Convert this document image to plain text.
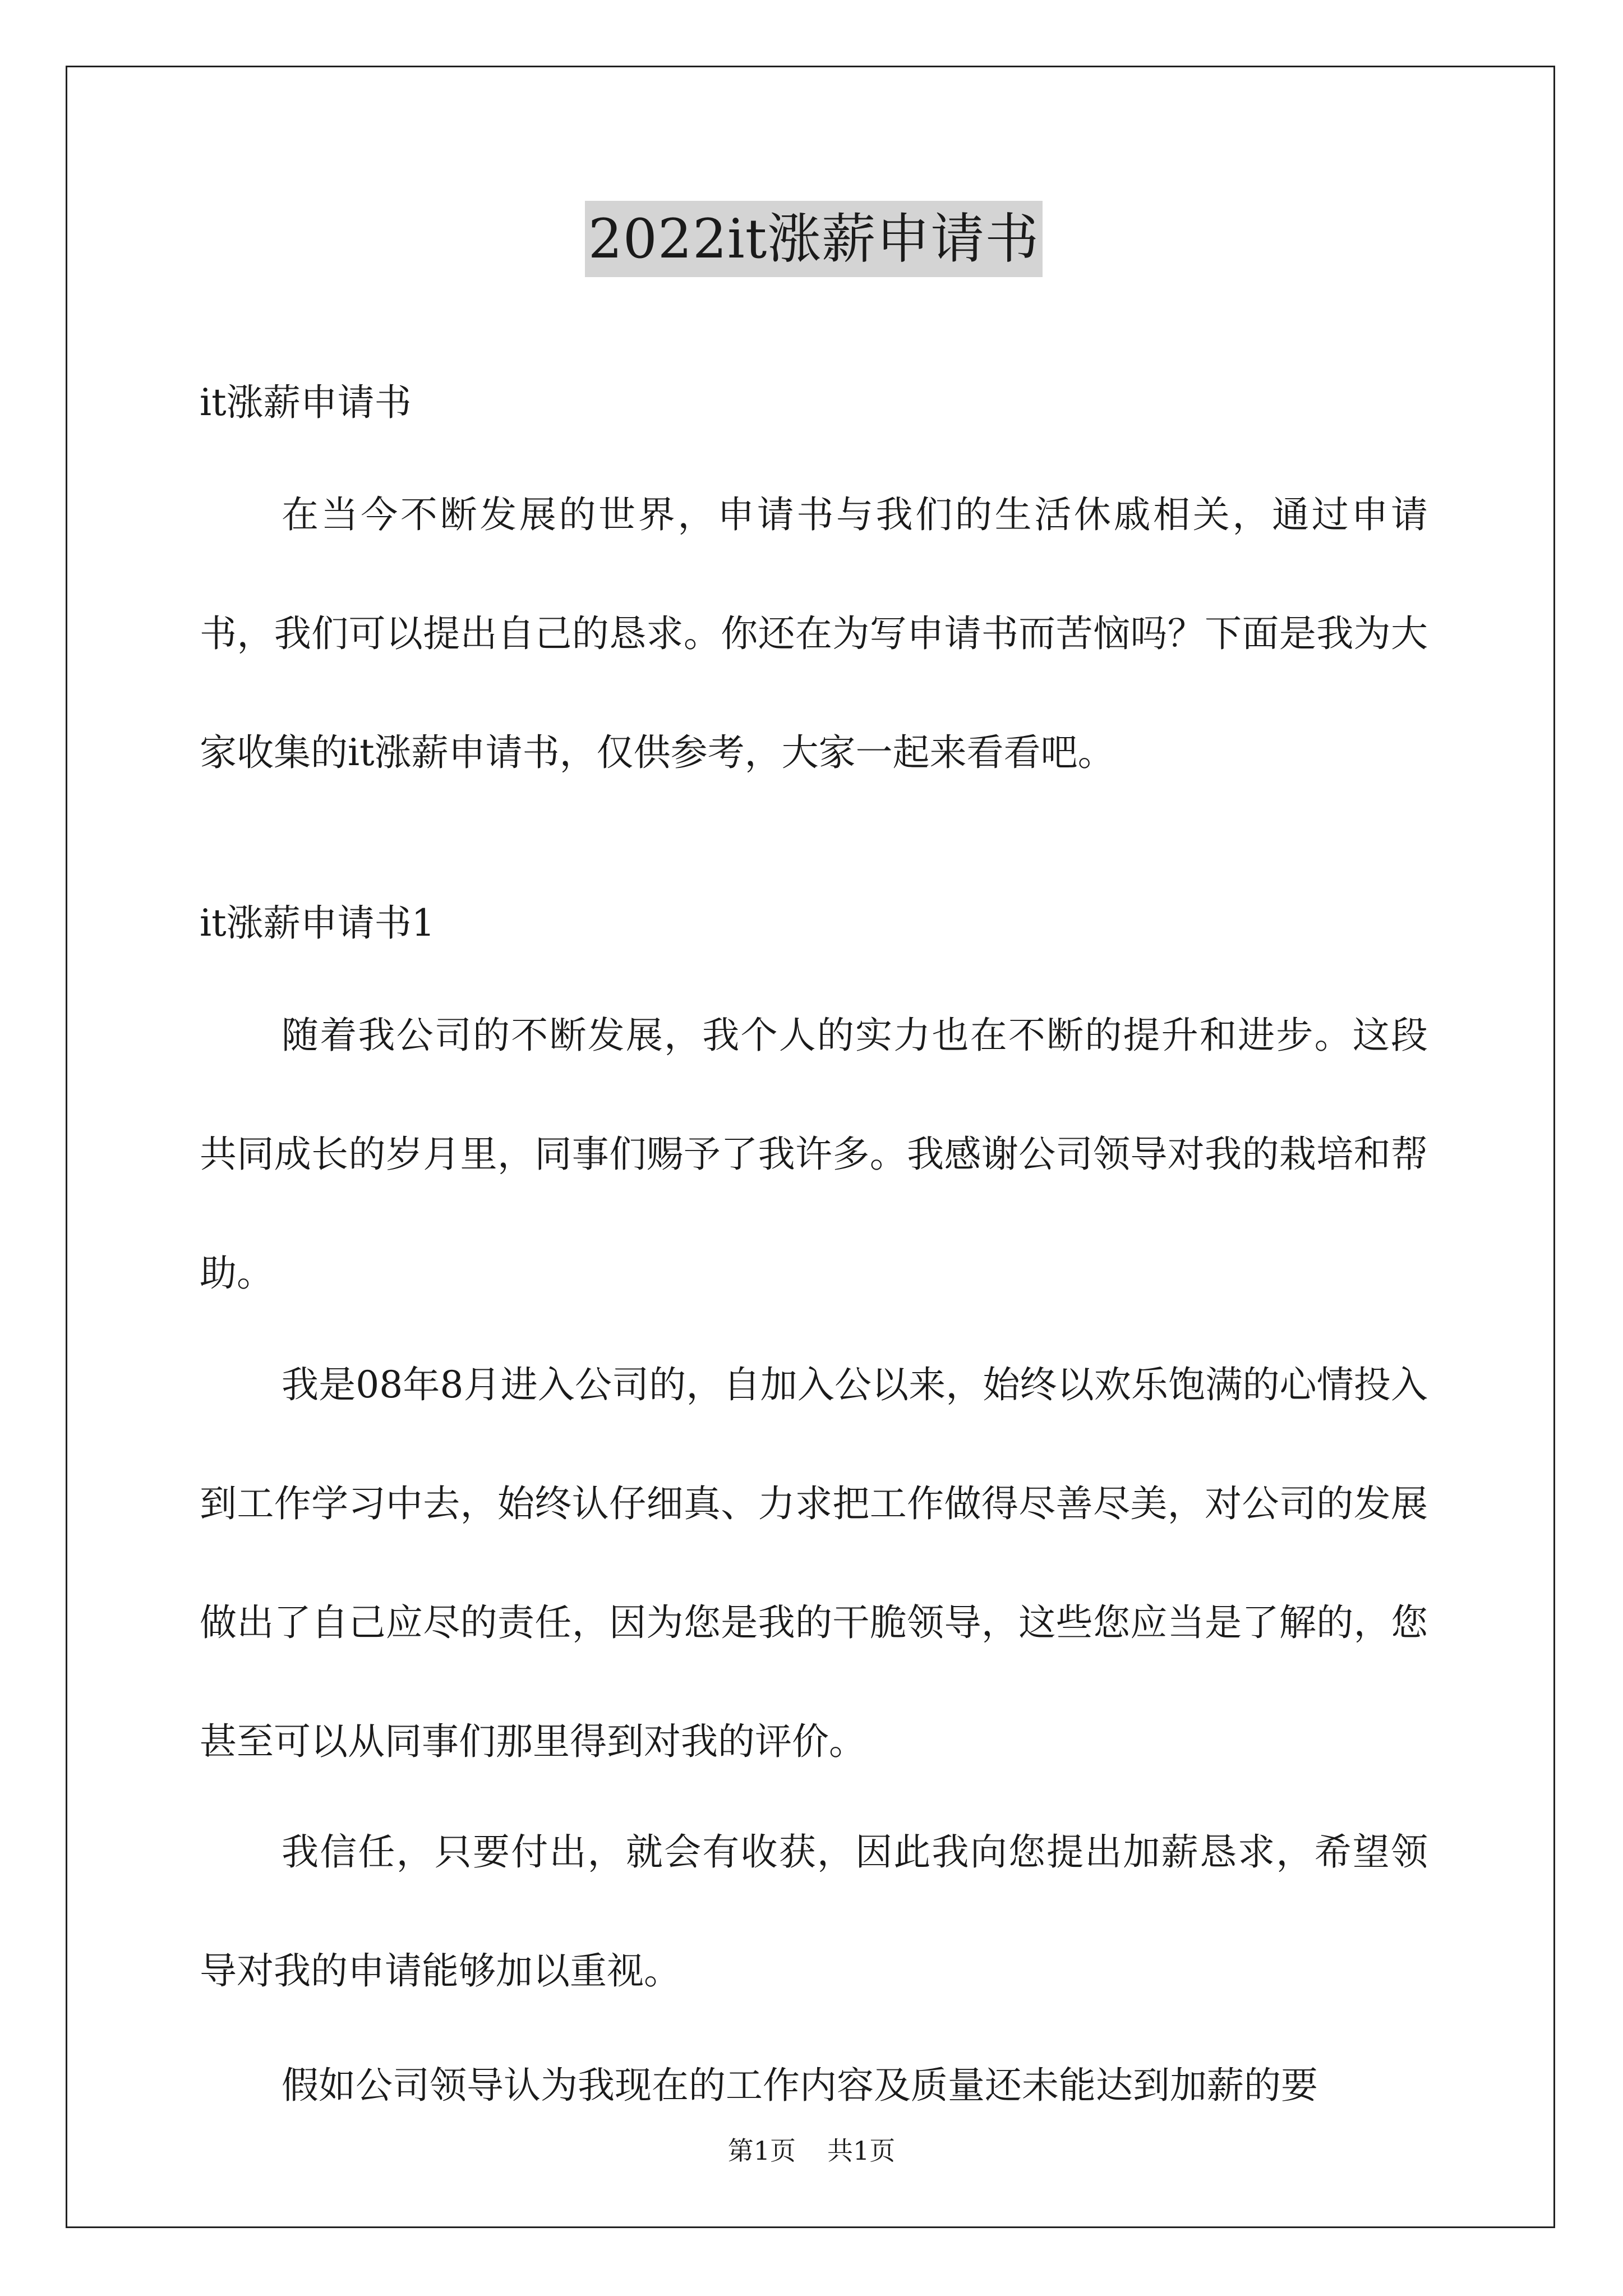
2022it涨薪申请书

it涨薪申请书

在当今不断发展的世界，申请书与我们的生活休戚相关，通过申请书，我们可以提出自己的恳求。你还在为写申请书而苦恼吗？下面是我为大家收集的it涨薪申请书，仅供参考，大家一起来看看吧。

it涨薪申请书1

随着我公司的不断发展，我个人的实力也在不断的提升和进步。这段共同成长的岁月里，同事们赐予了我许多。我感谢公司领导对我的栽培和帮助。

我是08年8月进入公司的，自加入公以来，始终以欢乐饱满的心情投入到工作学习中去，始终认仔细真、力求把工作做得尽善尽美，对公司的发展做出了自己应尽的责任，因为您是我的干脆领导，这些您应当是了解的，您甚至可以从同事们那里得到对我的评价。

我信任，只要付出，就会有收获，因此我向您提出加薪恳求，希望领导对我的申请能够加以重视。

假如公司领导认为我现在的工作内容及质量还未能达到加薪的要

第1页 共1页
